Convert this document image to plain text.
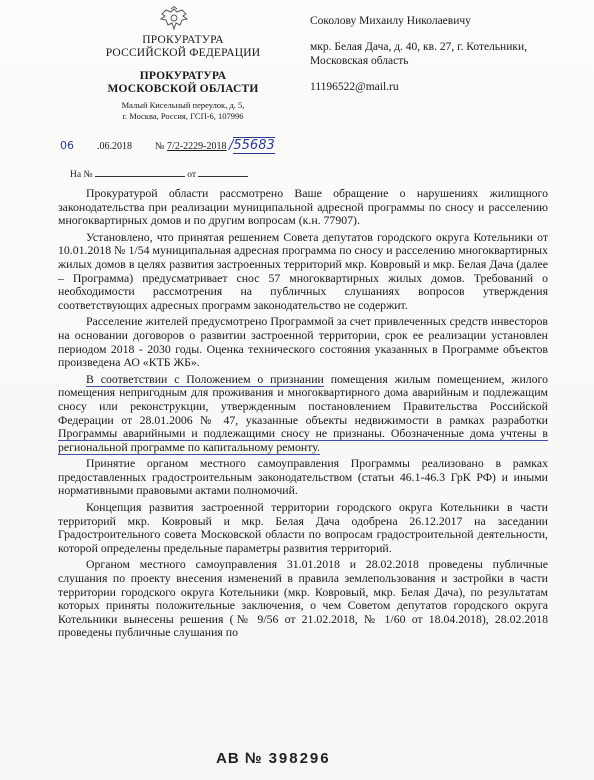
ПРОКУРАТУРА
РОССИЙСКОЙ ФЕДЕРАЦИИ
ПРОКУРАТУРА
МОСКОВСКОЙ ОБЛАСТИ
Малый Кисельный переулок, д. 5,
г. Москва, Россия, ГСП-6, 107996
06 .06.2018 № 7/2-2229-2018 /55683
На №	от
Соколову Михаилу Николаевичу
мкр. Белая Дача, д. 40, кв. 27, г. Котельники,
Московская область
11196522@mail.ru

Прокуратурой области рассмотрено Ваше обращение о нарушениях жилищного законодательства при реализации муниципальной адресной программы по сносу и расселению многоквартирных домов и по другим вопросам (к.н. 77907).

Установлено, что принятая решением Совета депутатов городского округа Котельники от 10.01.2018 № 1/54 муниципальная адресная программа по сносу и расселению многоквартирных жилых домов в целях развития застроенных территорий мкр. Ковровый и мкр. Белая Дача (далее – Программа) предусматривает снос 57 многоквартирных жилых домов. Требований о необходимости рассмотрения на публичных слушаниях вопросов утверждения соответствующих адресных программ законодательство не содержит.

Расселение жителей предусмотрено Программой за счет привлеченных средств инвесторов на основании договоров о развитии застроенной территории, срок ее реализации установлен периодом 2018 - 2030 годы. Оценка технического состояния указанных в Программе объектов произведена АО «КТБ ЖБ».

В соответствии с Положением о признании помещения жилым помещением, жилого помещения непригодным для проживания и многоквартирного дома аварийным и подлежащим сносу или реконструкции, утвержденным постановлением Правительства Российской Федерации от 28.01.2006 № 47, указанные объекты недвижимости в рамках разработки Программы аварийными и подлежащими сносу не признаны. Обозначенные дома учтены в региональной программе по капитальному ремонту.

Принятие органом местного самоуправления Программы реализовано в рамках предоставленных градостроительным законодательством (статьи 46.1-46.3 ГрК РФ) и иными нормативными правовыми актами полномочий.

Концепция развития застроенной территории городского округа Котельники в части территорий мкр. Ковровый и мкр. Белая Дача одобрена 26.12.2017 на заседании Градостроительного совета Московской области по вопросам градостроительной деятельности, которой определены предельные параметры развития территорий.

Органом местного самоуправления 31.01.2018 и 28.02.2018 проведены публичные слушания по проекту внесения изменений в правила землепользования и застройки в части территории городского округа Котельники (мкр. Ковровый, мкр. Белая Дача), по результатам которых приняты положительные заключения, о чем Советом депутатов городского округа Котельники вынесены решения (№ 9/56 от 21.02.2018, № 1/60 от 18.04.2018), 28.02.2018 проведены публичные слушания по

АВ № 398296
